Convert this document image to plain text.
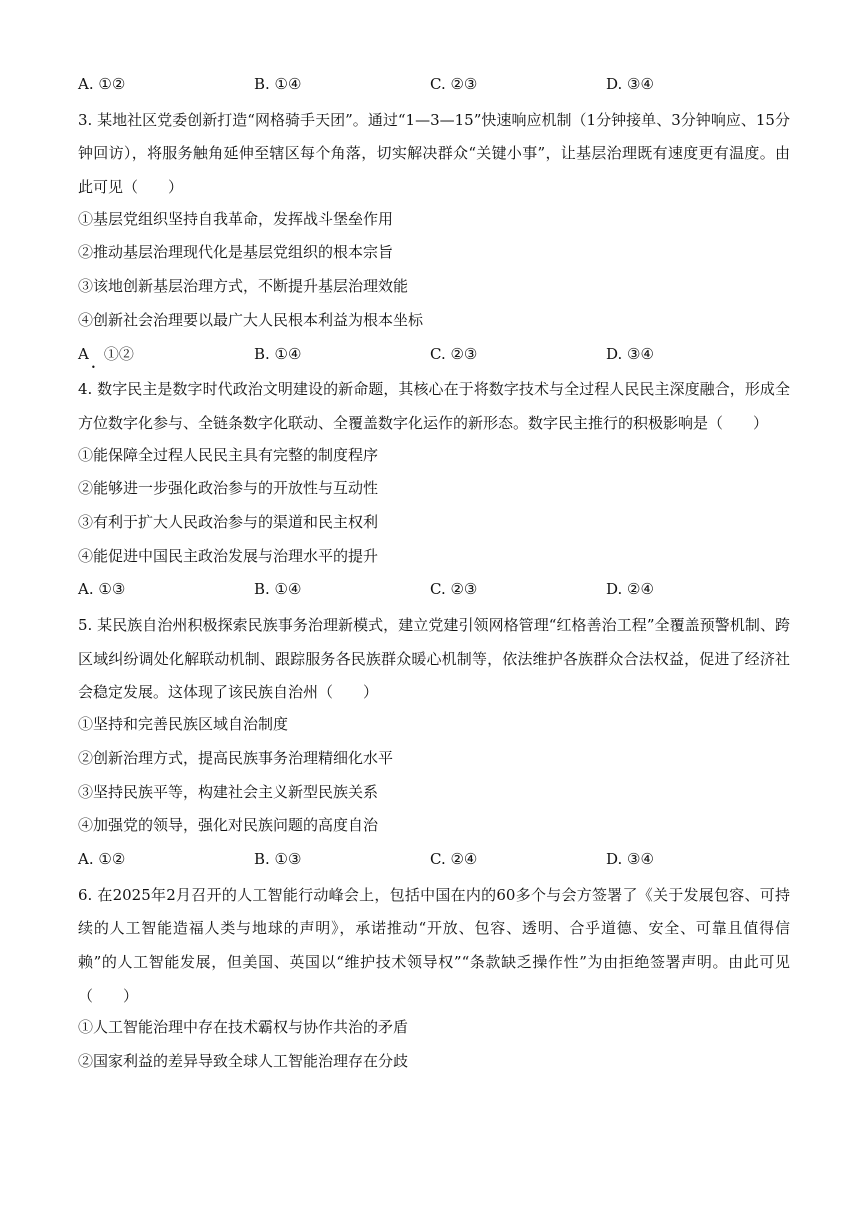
A. ①②	B. ①④	C. ②③	D. ③④
3. 某地社区党委创新打造“网格骑手天团”。通过“1—3—15”快速响应机制（1分钟接单、3分钟响应、15分钟回访），将服务触角延伸至辖区每个角落，切实解决群众“关键小事”，让基层治理既有速度更有温度。由此可见（　　）
①基层党组织坚持自我革命，发挥战斗堡垒作用
②推动基层治理现代化是基层党组织的根本宗旨
③该地创新基层治理方式，不断提升基层治理效能
④创新社会治理要以最广大人民根本利益为根本坐标
A　①②	B. ①④	C. ②③	D. ③④
•
4. 数字民主是数字时代政治文明建设的新命题，其核心在于将数字技术与全过程人民民主深度融合，形成全方位数字化参与、全链条数字化联动、全覆盖数字化运作的新形态。数字民主推行的积极影响是（　　）
①能保障全过程人民民主具有完整的制度程序
②能够进一步强化政治参与的开放性与互动性
③有利于扩大人民政治参与的渠道和民主权利
④能促进中国民主政治发展与治理水平的提升
A. ①③	B. ①④	C. ②③	D. ②④
5. 某民族自治州积极探索民族事务治理新模式，建立党建引领网格管理“红格善治工程”全覆盖预警机制、跨区域纠纷调处化解联动机制、跟踪服务各民族群众暖心机制等，依法维护各族群众合法权益，促进了经济社会稳定发展。这体现了该民族自治州（　　）
①坚持和完善民族区域自治制度
②创新治理方式，提高民族事务治理精细化水平
③坚持民族平等，构建社会主义新型民族关系
④加强党的领导，强化对民族问题的高度自治
A. ①②	B. ①③	C. ②④	D. ③④
6. 在2025年2月召开的人工智能行动峰会上，包括中国在内的60多个与会方签署了《关于发展包容、可持续的人工智能造福人类与地球的声明》，承诺推动“开放、包容、透明、合乎道德、安全、可靠且值得信赖”的人工智能发展，但美国、英国以“维护技术领导权”“条款缺乏操作性”为由拒绝签署声明。由此可见（　　）
①人工智能治理中存在技术霸权与协作共治的矛盾
②国家利益的差异导致全球人工智能治理存在分歧
